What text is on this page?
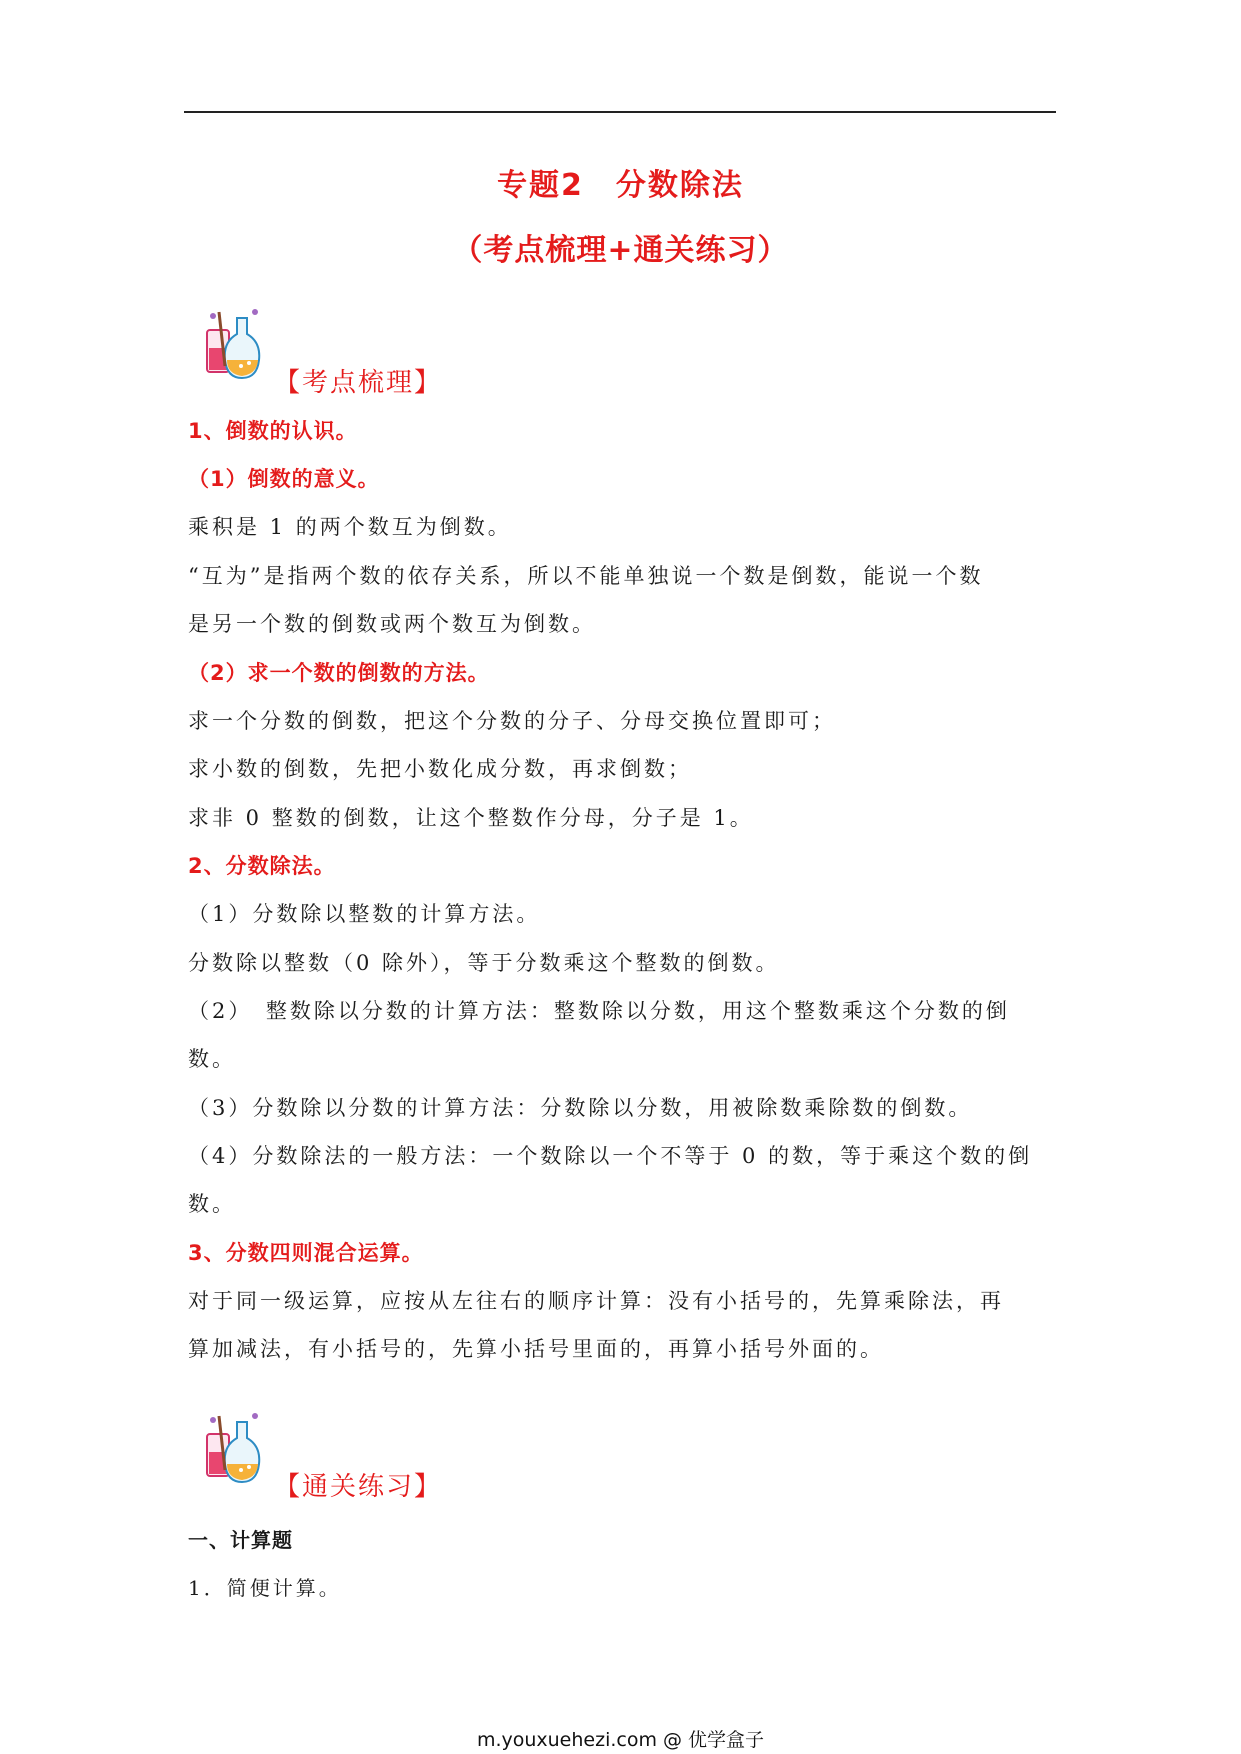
专题2　分数除法
（考点梳理+通关练习）
【考点梳理】
1、倒数的认识。
（1）倒数的意义。
乘积是 1 的两个数互为倒数。
“互为”是指两个数的依存关系，所以不能单独说一个数是倒数，能说一个数
是另一个数的倒数或两个数互为倒数。
（2）求一个数的倒数的方法。
求一个分数的倒数，把这个分数的分子、分母交换位置即可；
求小数的倒数，先把小数化成分数，再求倒数；
求非 0 整数的倒数，让这个整数作分母，分子是 1。
2、分数除法。
（1）分数除以整数的计算方法。
分数除以整数（0 除外），等于分数乘这个整数的倒数。
（2）　整数除以分数的计算方法：整数除以分数，用这个整数乘这个分数的倒
数。
（3）分数除以分数的计算方法：分数除以分数，用被除数乘除数的倒数。
（4）分数除法的一般方法：一个数除以一个不等于 0 的数，等于乘这个数的倒
数。
3、分数四则混合运算。
对于同一级运算，应按从左往右的顺序计算：没有小括号的，先算乘除法，再
算加减法，有小括号的，先算小括号里面的，再算小括号外面的。
【通关练习】
一、计算题
1．简便计算。
m.youxuehezi.com @ 优学盒子
